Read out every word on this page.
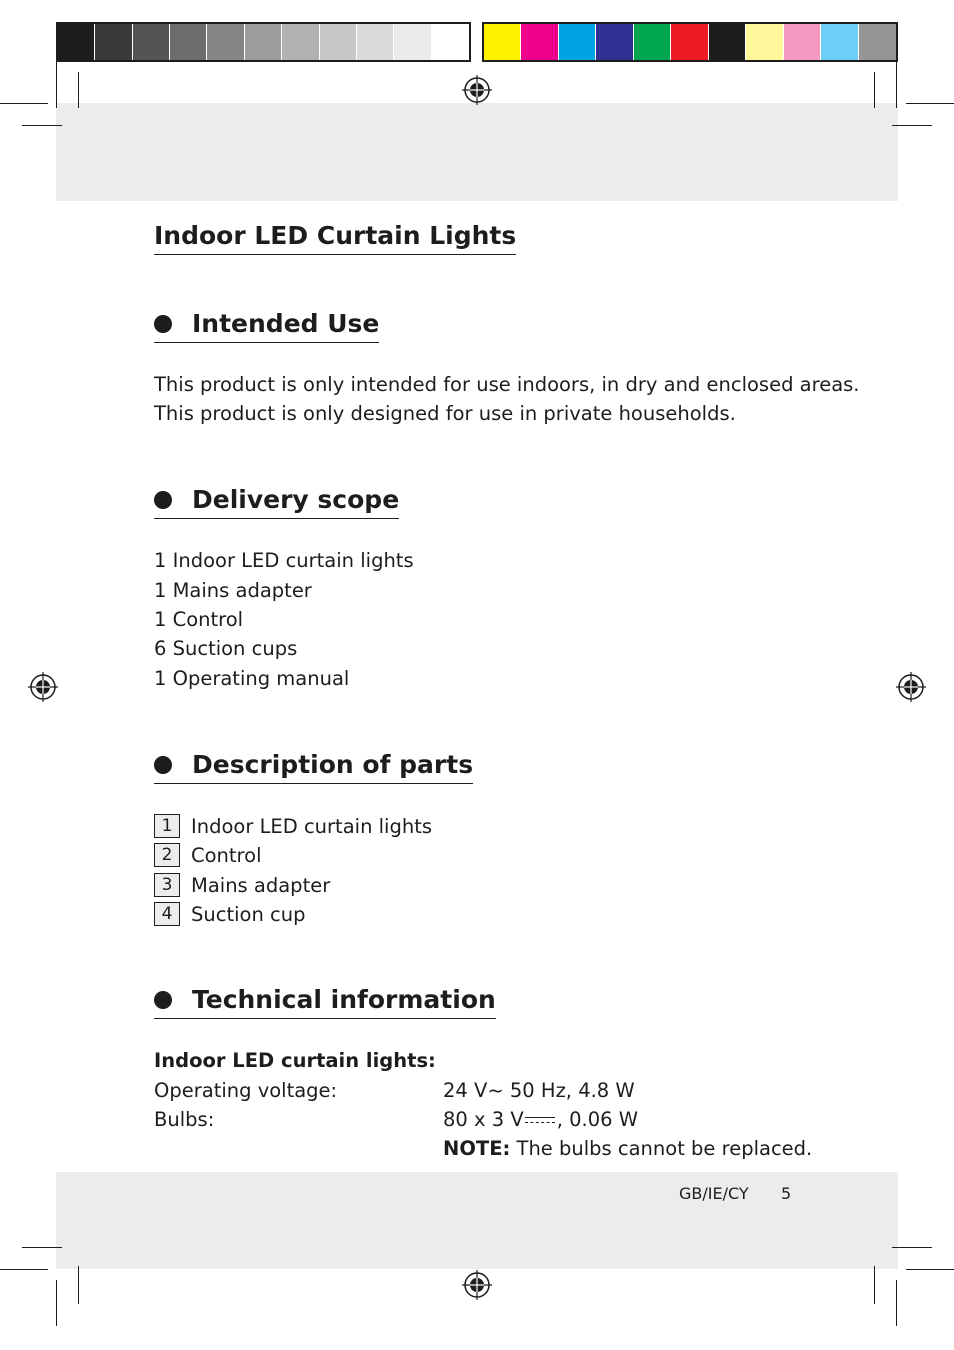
Indoor LED Curtain Lights
Intended Use

This product is only intended for use indoors, in dry and enclosed areas.

This product is only designed for use in private households.

Delivery scope

1 Indoor LED curtain lights

1 Mains adapter

1 Control

6 Suction cups

1 Operating manual

Description of parts
1 Indoor LED curtain lights
2 Control
3 Mains adapter
4 Suction cup
Technical information

Indoor LED curtain lights:

Operating voltage:	24 V~ 50 Hz, 4.8 W

Bulbs:	80 x 3 V , 0.06 W

NOTE: The bulbs cannot be replaced.

GB/IE/CY 5
